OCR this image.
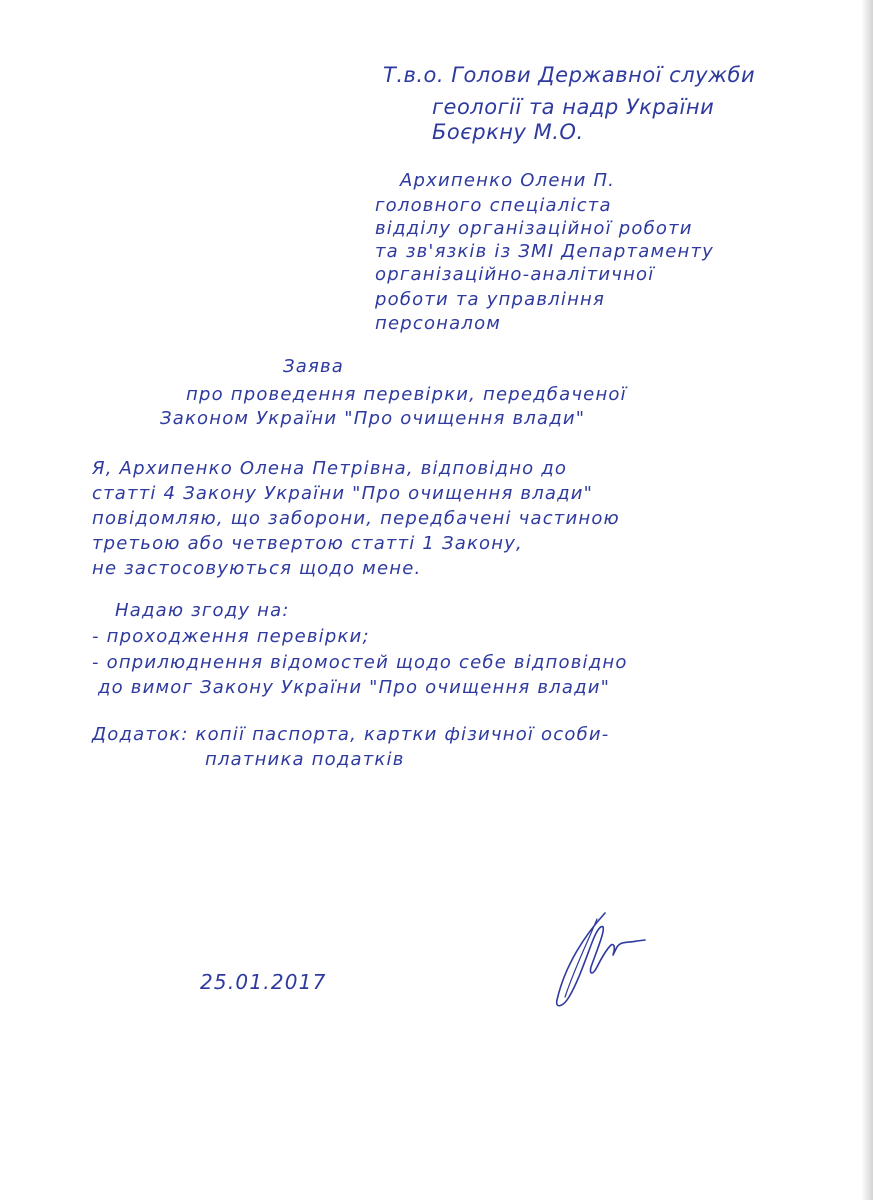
Т.в.о. Голови Державної служби
геології та надр України
Боєркну М.О.
Архипенко Олени П.
головного спеціаліста
відділу організаційної роботи
та зв'язків із ЗМІ Департаменту
організаційно-аналітичної
роботи та управління
персоналом
Заява
про проведення перевірки, передбаченої
Законом України "Про очищення влади"
Я, Архипенко Олена Петрівна, відповідно до
статті 4 Закону України "Про очищення влади"
повідомляю, що заборони, передбачені частиною
третьою або четвертою статті 1 Закону,
не застосовуються щодо мене.
Надаю згоду на:
- проходження перевірки;
- оприлюднення відомостей щодо себе відповідно
до вимог Закону України "Про очищення влади"
Додаток: копії паспорта, картки фізичної особи-
платника податків
25.01.2017
